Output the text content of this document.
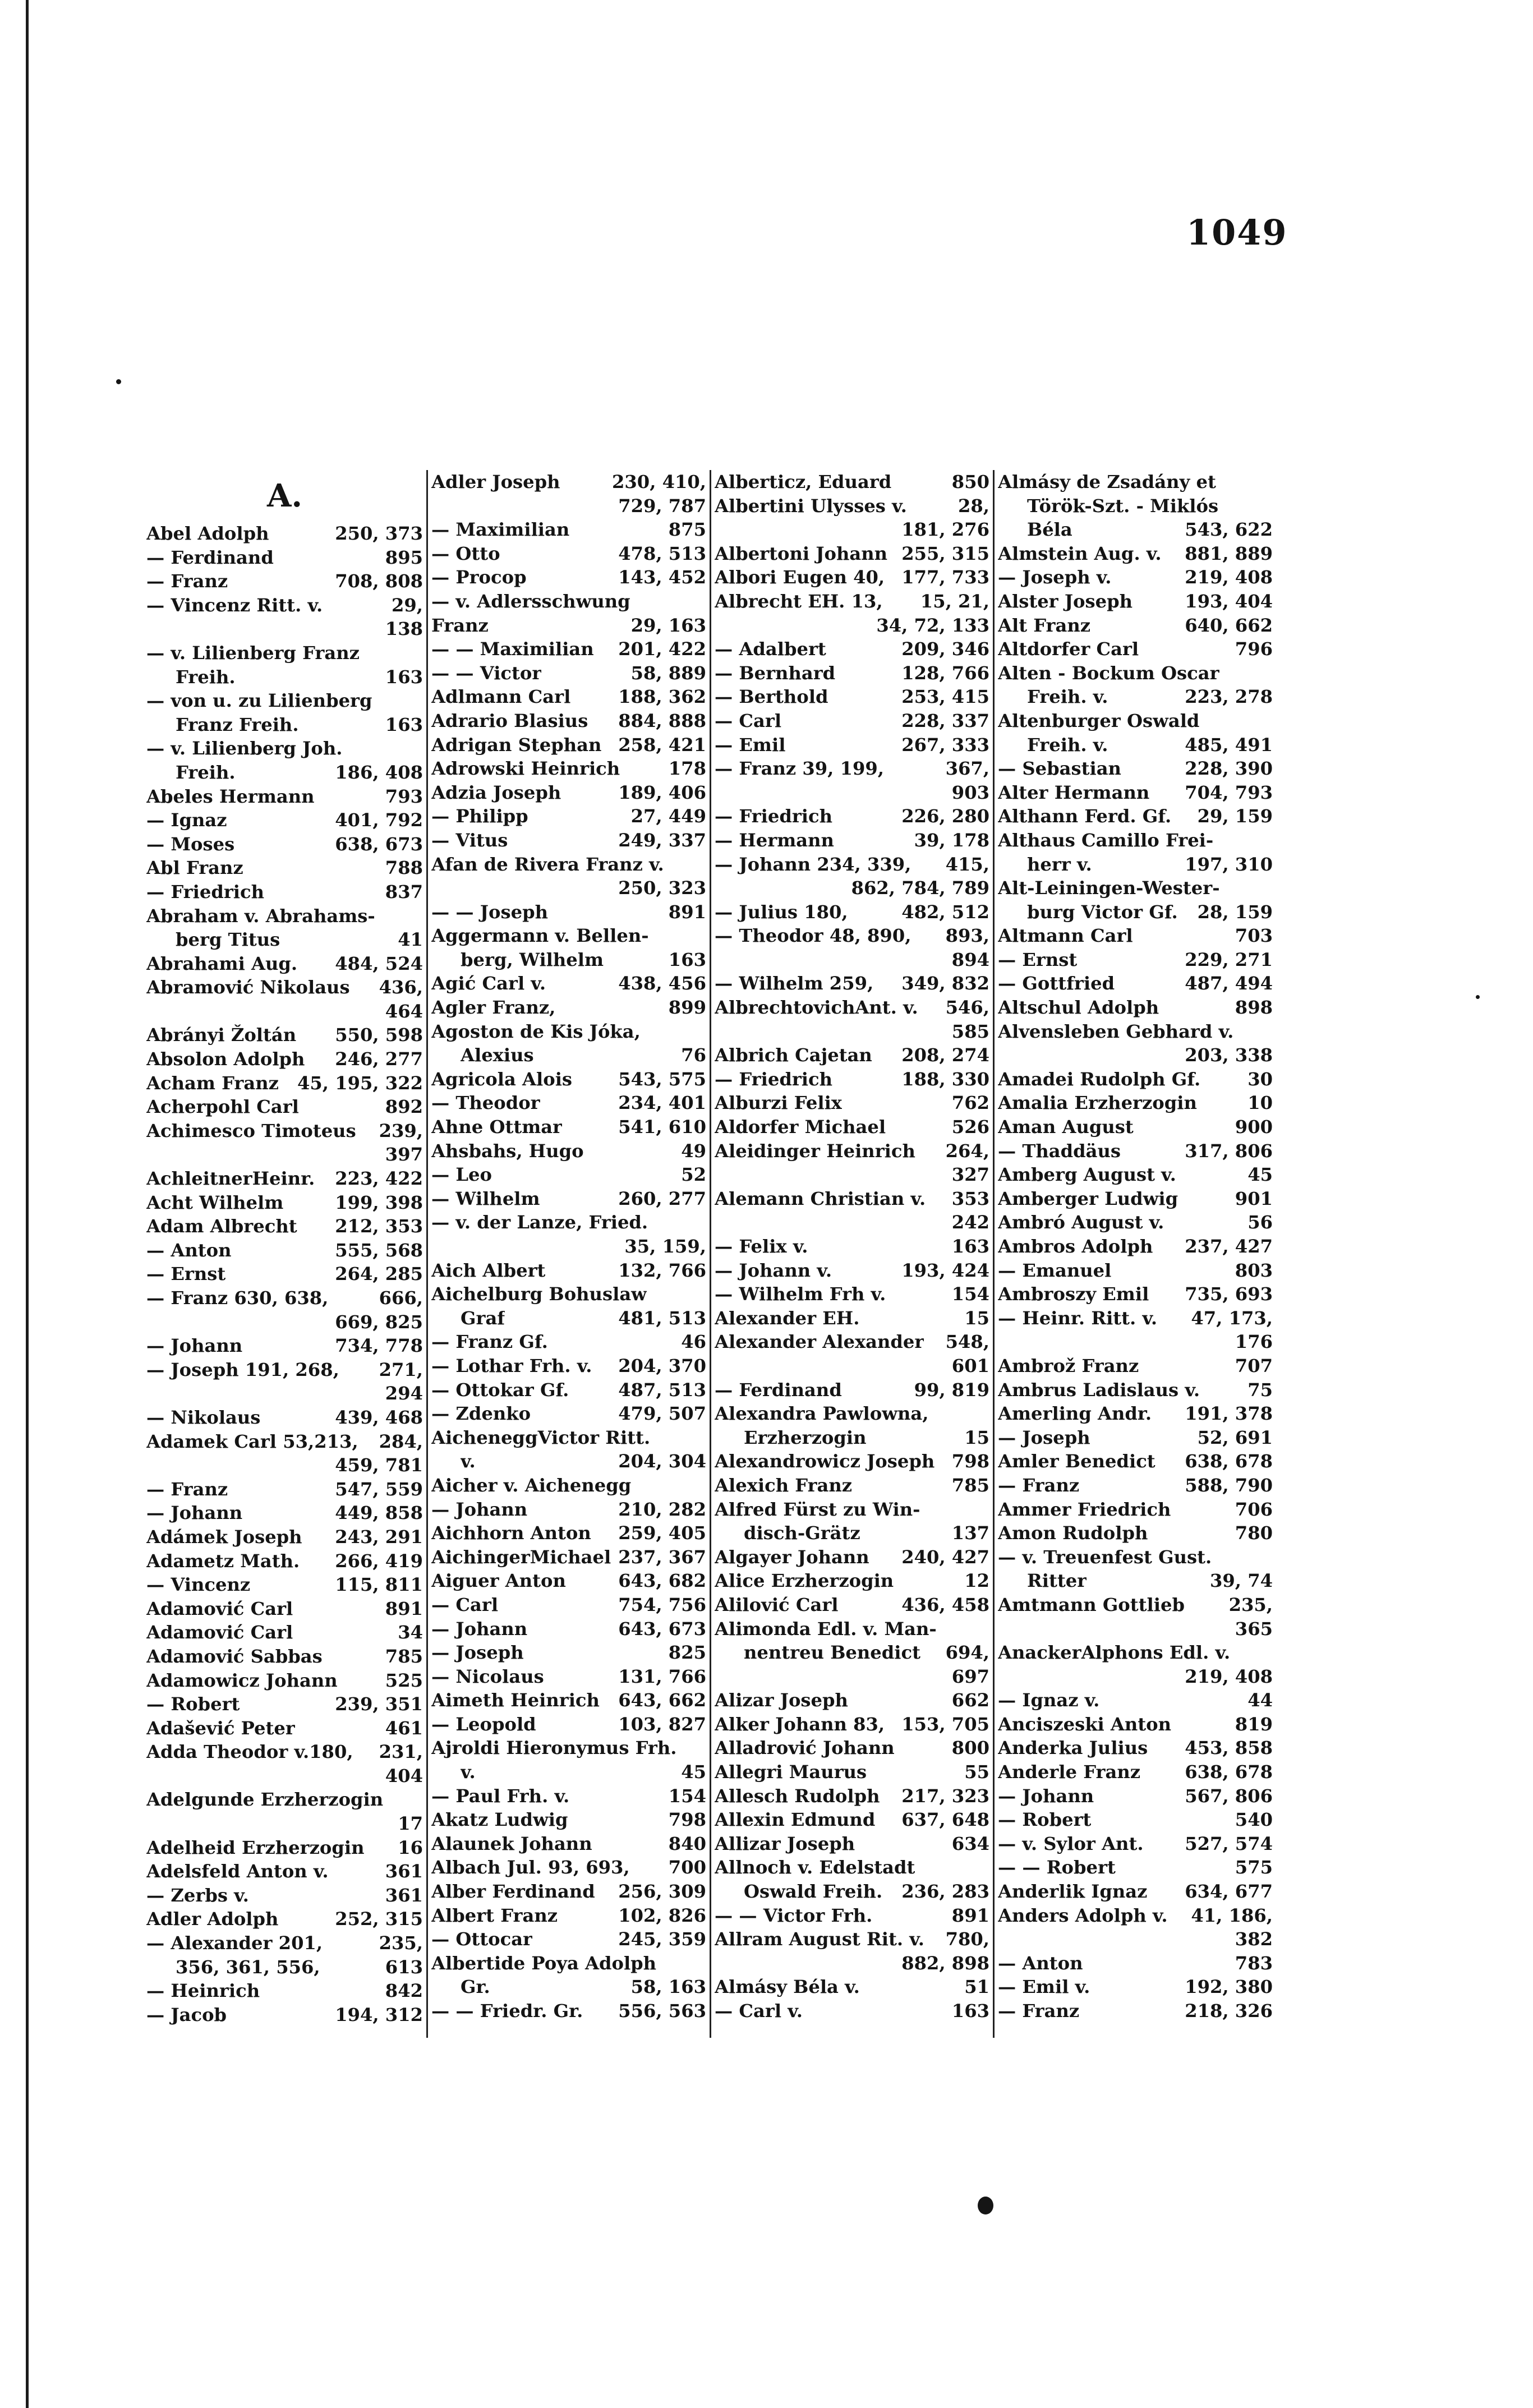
1049
A.
Abel Adolph	250, 373
— Ferdinand	895
— Franz	708, 808
— Vincenz Ritt. v.	29,
138
— v. Lilienberg Franz
Freih.	163
— von u. zu Lilienberg
Franz Freih.	163
— v. Lilienberg Joh.
Freih.	186, 408
Abeles Hermann	793
— Ignaz	401, 792
— Moses	638, 673
Abl Franz	788
— Friedrich	837
Abraham v. Abrahams-
berg Titus	41
Abrahami Aug. 484, 524
Abramović Nikolaus 436,
464
Abrányi Žoltán 550, 598
Absolon Adolph 246, 277
Acham Franz 45, 195, 322
Acherpohl Carl	892
Achimesco Timoteus 239,
397
AchleitnerHeinr. 223, 422
Acht Wilhelm	199, 398
Adam Albrecht 212, 353
— Anton	555, 568
— Ernst	264, 285
— Franz 630, 638,	666,
669, 825
— Johann	734, 778
— Joseph 191, 268, 271,
294
— Nikolaus	439, 468
Adamek Carl 53,213, 284,
459, 781
— Franz	547, 559
— Johann	449, 858
Adámek Joseph 243, 291
Adametz Math. 266, 419
— Vincenz	115, 811
Adamović Carl	891
Adamović Carl	34
Adamović Sabbas	785
Adamowicz Johann	525
— Robert	239, 351
Adašević Peter	461
Adda Theodor v.180, 231,
404
Adelgunde Erzherzogin
17
Adelheid Erzherzogin 16
Adelsfeld Anton v.	361
— Zerbs v.	361
Adler Adolph	252, 315
— Alexander 201,	235,
356, 361, 556,	613
— Heinrich	842
— Jacob	194, 312
Adler Joseph	230, 410,
729, 787
— Maximilian	875
— Otto	478, 513
— Procop	143, 452
— v. Adlersschwung
Franz	29, 163
— — Maximilian 201, 422
— — Victor	58, 889
Adlmann Carl	188, 362
Adrario Blasius 884, 888
Adrigan Stephan 258, 421
Adrowski Heinrich	178
Adzia Joseph	189, 406
— Philipp	27, 449
— Vitus	249, 337
Afan de Rivera Franz v.
250, 323
— — Joseph	891
Aggermann v. Bellen-
berg, Wilhelm	163
Agić Carl v.	438, 456
Agler Franz,	899
Agoston de Kis Jóka,
Alexius	76
Agricola Alois	543, 575
— Theodor	234, 401
Ahne Ottmar	541, 610
Ahsbahs, Hugo	49
— Leo	52
— Wilhelm	260, 277
— v. der Lanze, Fried.
35, 159,
Aich Albert	132, 766
Aichelburg Bohuslaw
Graf	481, 513
— Franz Gf.	46
— Lothar Frh. v. 204, 370
— Ottokar Gf.	487, 513
— Zdenko	479, 507
AicheneggVictor Ritt.
v.	204, 304
Aicher v. Aichenegg
— Johann	210, 282
Aichhorn Anton 259, 405
AichingerMichael 237, 367
Aiguer Anton	643, 682
— Carl	754, 756
— Johann	643, 673
— Joseph	825
— Nicolaus	131, 766
Aimeth Heinrich 643, 662
— Leopold	103, 827
Ajroldi Hieronymus Frh.
v.	45
— Paul Frh. v.	154
Akatz Ludwig	798
Alaunek Johann	840
Albach Jul. 93, 693, 700
Alber Ferdinand 256, 309
Albert Franz	102, 826
— Ottocar	245, 359
Albertide Poya Adolph
Gr.	58, 163
— — Friedr. Gr. 556, 563
Alberticz, Eduard	850
Albertini Ulysses v.	28,
181, 276
Albertoni Johann 255, 315
Albori Eugen 40, 177, 733
Albrecht EH. 13, 15, 21,
34, 72, 133
— Adalbert	209, 346
— Bernhard	128, 766
— Berthold	253, 415
— Carl	228, 337
— Emil	267, 333
— Franz 39, 199,	367,
903
— Friedrich	226, 280
— Hermann	39, 178
— Johann 234, 339, 415,
862, 784, 789
— Julius 180,	482, 512
— Theodor 48, 890, 893,
894
— Wilhelm 259, 349, 832
AlbrechtovichAnt. v. 546,
585
Albrich Cajetan 208, 274
— Friedrich	188, 330
Alburzi Felix	762
Aldorfer Michael	526
Aleidinger Heinrich 264,
327
Alemann Christian v. 353
242
— Felix v.	163
— Johann v.	193, 424
— Wilhelm Frh v.	154
Alexander EH.	15
Alexander Alexander 548,
601
— Ferdinand	99, 819
Alexandra Pawlowna,
Erzherzogin	15
Alexandrowicz Joseph 798
Alexich Franz	785
Alfred Fürst zu Win-
disch-Grätz	137
Algayer Johann 240, 427
Alice Erzherzogin	12
Alilović Carl	436, 458
Alimonda Edl. v. Man-
nentreu Benedict 694,
697
Alizar Joseph	662
Alker Johann 83, 153, 705
Alladrović Johann	800
Allegri Maurus	55
Allesch Rudolph 217, 323
Allexin Edmund 637, 648
Allizar Joseph	634
Allnoch v. Edelstadt
Oswald Freih. 236, 283
— — Victor Frh.	891
Allram August Rit. v. 780,
882, 898
Almásy Béla v.	51
— Carl v.	163
Almásy de Zsadány et
Török-Szt. - Miklós
Béla	543, 622
Almstein Aug. v. 881, 889
— Joseph v.	219, 408
Alster Joseph	193, 404
Alt Franz	640, 662
Altdorfer Carl	796
Alten - Bockum Oscar
Freih. v.	223, 278
Altenburger Oswald
Freih. v.	485, 491
— Sebastian	228, 390
Alter Hermann 704, 793
Althann Ferd. Gf. 29, 159
Althaus Camillo Frei-
herr v.	197, 310
Alt-Leiningen-Wester-
burg Victor Gf. 28, 159
Altmann Carl	703
— Ernst	229, 271
— Gottfried	487, 494
Altschul Adolph	898
Alvensleben Gebhard v.
203, 338
Amadei Rudolph Gf.	30
Amalia Erzherzogin	10
Aman August	900
— Thaddäus	317, 806
Amberg August v.	45
Amberger Ludwig	901
Ambró August v.	56
Ambros Adolph 237, 427
— Emanuel	803
Ambroszy Emil 735, 693
— Heinr. Ritt. v. 47, 173,
176
Ambrož Franz	707
Ambrus Ladislaus v.	75
Amerling Andr. 191, 378
— Joseph	52, 691
Amler Benedict 638, 678
— Franz	588, 790
Ammer Friedrich	706
Amon Rudolph	780
— v. Treuenfest Gust.
Ritter	39, 74
Amtmann Gottlieb 235,
365
AnackerAlphons Edl. v.
219, 408
— Ignaz v.	44
Anciszeski Anton	819
Anderka Julius 453, 858
Anderle Franz 638, 678
— Johann	567, 806
— Robert	540
— v. Sylor Ant. 527, 574
— — Robert	575
Anderlik Ignaz 634, 677
Anders Adolph v. 41, 186,
382
— Anton	783
— Emil v.	192, 380
— Franz	218, 326
